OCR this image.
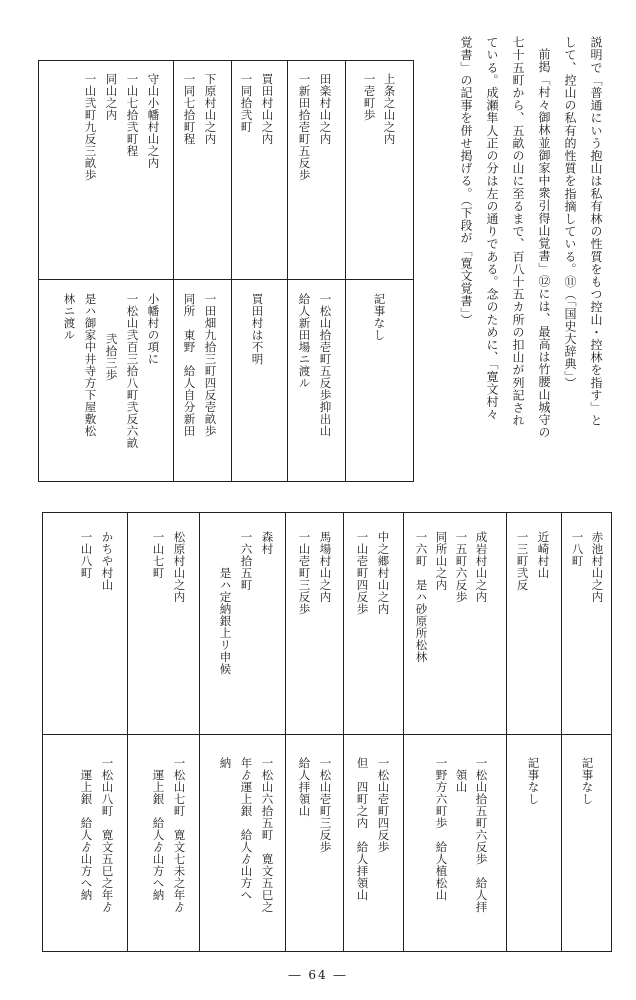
説明で「普通にいう抱山は私有林の性質をもつ控山・控林を指す」と
して、控山の私有的性質を指摘している。⑪（「国史大辞典」）
前掲「村々御林並御家中衆引得山覚書」⑫には、最高は竹腰山城守の
七十五町から、五畝の山に至るまで、百八十五カ所の扣山が列記され
ている。成瀬隼人正の分は左の通りである。念のために、「寛文村々
覚書」の記事を併せ掲げる。（下段が「寛文覚書」）
上条之山之内
一壱町歩
記事なし
田楽村山之内
一新田拾壱町五反歩
一松山拾壱町五反歩抑出山
給人新田場ニ渡ル
買田村山之内
一同拾弐町
買田村は不明
下原村山之内
一同七拾町程
一田畑九拾三町四反壱畝歩
同所　東野　給人自分新田
守山小幡村山之内
一山七拾弐町程
同山之内
一山弐町九反三畝歩
小幡村の項に
一松山弐百三拾八町弐反六畝
弐拾三歩
是ハ御家中井寺方下屋敷松
林ニ渡ル
赤池村山之内
一八町
記事なし
近崎村山
一三町弐反
記事なし
成岩村山之内
一五町六反歩
同所山之内
一六町　是ハ砂原所松林
一松山拾五町六反歩　給人拝
領山
一野方六町歩　給人植松山
中之郷村山之内
一山壱町四反歩
一松山壱町四反歩
但　四町之内　給人拝領山
馬場村山之内
一山壱町三反歩
一松山壱町三反歩
給人拝領山
森村
一六拾五町
是ハ定納銀上リ申候
一松山六拾五町　寛文五巳之
年ゟ運上銀　給人ゟ山方へ
納
松原村山之内
一山七町
一松山七町　寛文七未之年ゟ
運上銀　給人ゟ山方へ納
かちや村山
一山八町
一松山八町　寛文五巳之年ゟ
運上銀　給人ゟ山方へ納
― 64 ―
